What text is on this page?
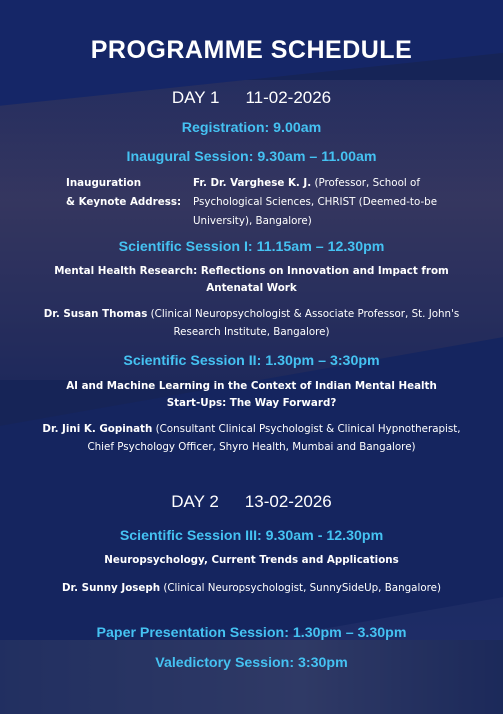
PROGRAMME SCHEDULE
DAY 1 11-02-2026
Registration: 9.00am
Inaugural Session: 9.30am – 11.00am
Inauguration
& Keynote Address:
Fr. Dr. Varghese K. J. (Professor, School of Psychological Sciences, CHRIST (Deemed-to-be University), Bangalore)
Scientific Session I: 11.15am – 12.30pm
Mental Health Research: Reflections on Innovation and Impact from Antenatal Work
Dr. Susan Thomas (Clinical Neuropsychologist & Associate Professor, St. John's Research Institute, Bangalore)
Scientific Session II: 1.30pm – 3:30pm
AI and Machine Learning in the Context of Indian Mental Health Start-Ups: The Way Forward?
Dr. Jini K. Gopinath (Consultant Clinical Psychologist & Clinical Hypnotherapist, Chief Psychology Officer, Shyro Health, Mumbai and Bangalore)
DAY 2 13-02-2026
Scientific Session III: 9.30am - 12.30pm
Neuropsychology, Current Trends and Applications
Dr. Sunny Joseph (Clinical Neuropsychologist, SunnySideUp, Bangalore)
Paper Presentation Session: 1.30pm – 3.30pm
Valedictory Session: 3:30pm
